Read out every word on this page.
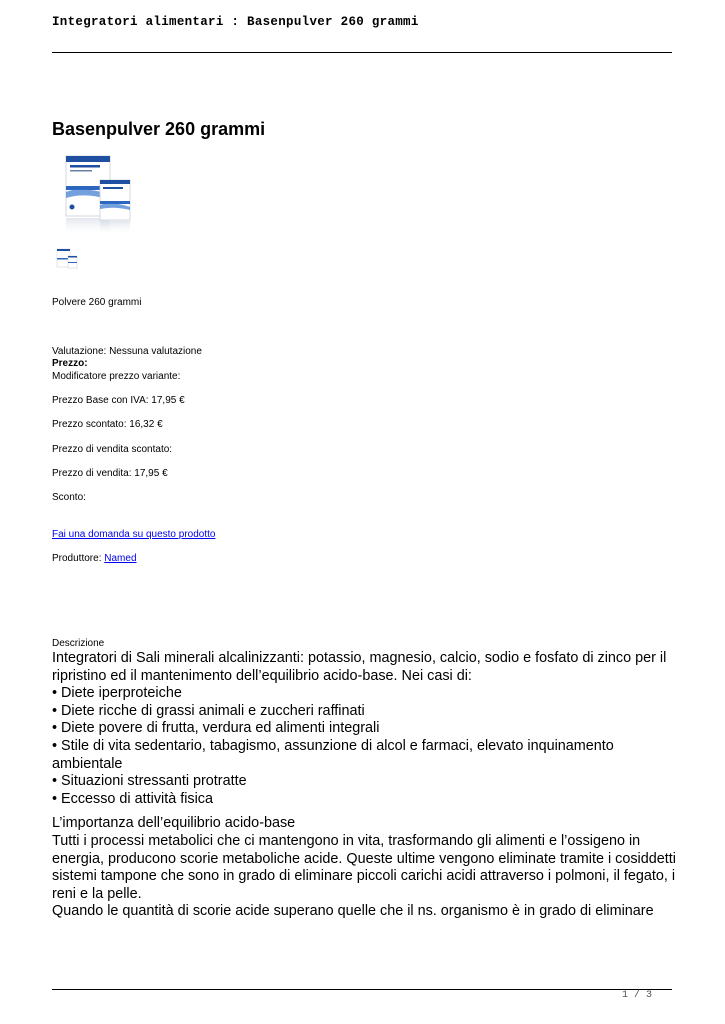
Integratori alimentari : Basenpulver 260 grammi
Basenpulver 260 grammi
Polvere 260 grammi
Valutazione: Nessuna valutazione
Prezzo:
Modificatore prezzo variante:
Prezzo Base con IVA: 17,95 €
Prezzo scontato: 16,32 €
Prezzo di vendita scontato:
Prezzo di vendita: 17,95 €
Sconto:
Fai una domanda su questo prodotto
Produttore: Named
Descrizione

Integratori di Sali minerali alcalinizzanti: potassio, magnesio, calcio, sodio e fosfato di zinco per il ripristino ed il mantenimento dell’equilibrio acido-base. Nei casi di:

• Diete iperproteiche

• Diete ricche di grassi animali e zuccheri raffinati

• Diete povere di frutta, verdura ed alimenti integrali

• Stile di vita sedentario, tabagismo, assunzione di alcol e farmaci, elevato inquinamento ambientale

• Situazioni stressanti protratte

• Eccesso di attività fisica

L’importanza dell’equilibrio acido-base

Tutti i processi metabolici che ci mantengono in vita, trasformando gli alimenti e l’ossigeno in energia, producono scorie metaboliche acide. Queste ultime vengono eliminate tramite i cosiddetti sistemi tampone che sono in grado di eliminare piccoli carichi acidi attraverso i polmoni, il fegato, i reni e la pelle.

Quando le quantità di scorie acide superano quelle che il ns. organismo è in grado di eliminare

1 / 3
